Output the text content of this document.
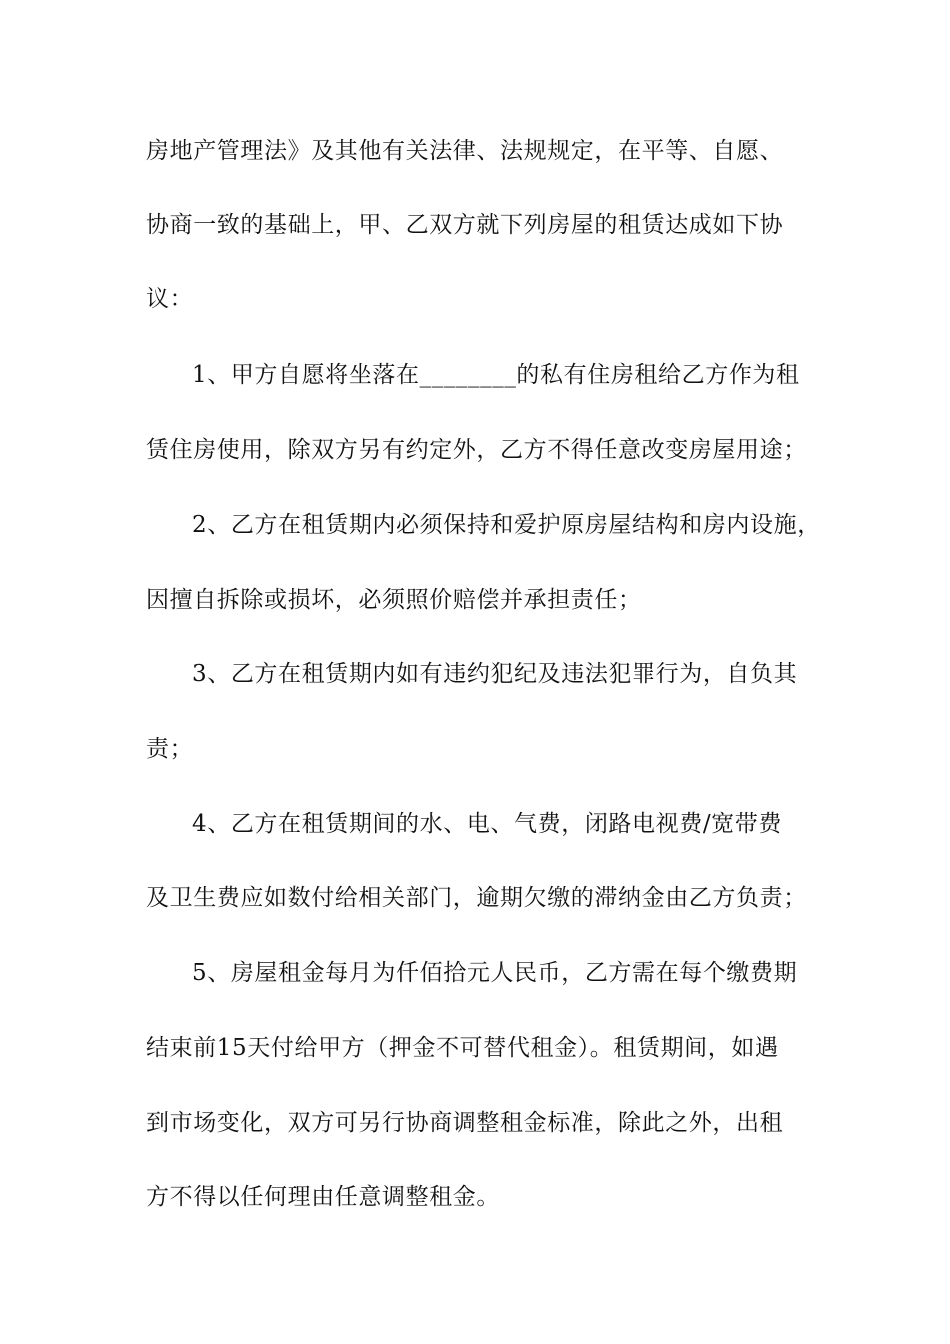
房地产管理法》及其他有关法律、法规规定，在平等、自愿、
协商一致的基础上，甲、乙双方就下列房屋的租赁达成如下协
议：
1、甲方自愿将坐落在________的私有住房租给乙方作为租
赁住房使用，除双方另有约定外，乙方不得任意改变房屋用途；
2、乙方在租赁期内必须保持和爱护原房屋结构和房内设施，
因擅自拆除或损坏，必须照价赔偿并承担责任；
3、乙方在租赁期内如有违约犯纪及违法犯罪行为，自负其
责；
4、乙方在租赁期间的水、电、气费，闭路电视费/宽带费
及卫生费应如数付给相关部门，逾期欠缴的滞纳金由乙方负责；
5、房屋租金每月为仟佰拾元人民币，乙方需在每个缴费期
结束前15天付给甲方（押金不可替代租金）。租赁期间，如遇
到市场变化，双方可另行协商调整租金标准，除此之外，出租
方不得以任何理由任意调整租金。
